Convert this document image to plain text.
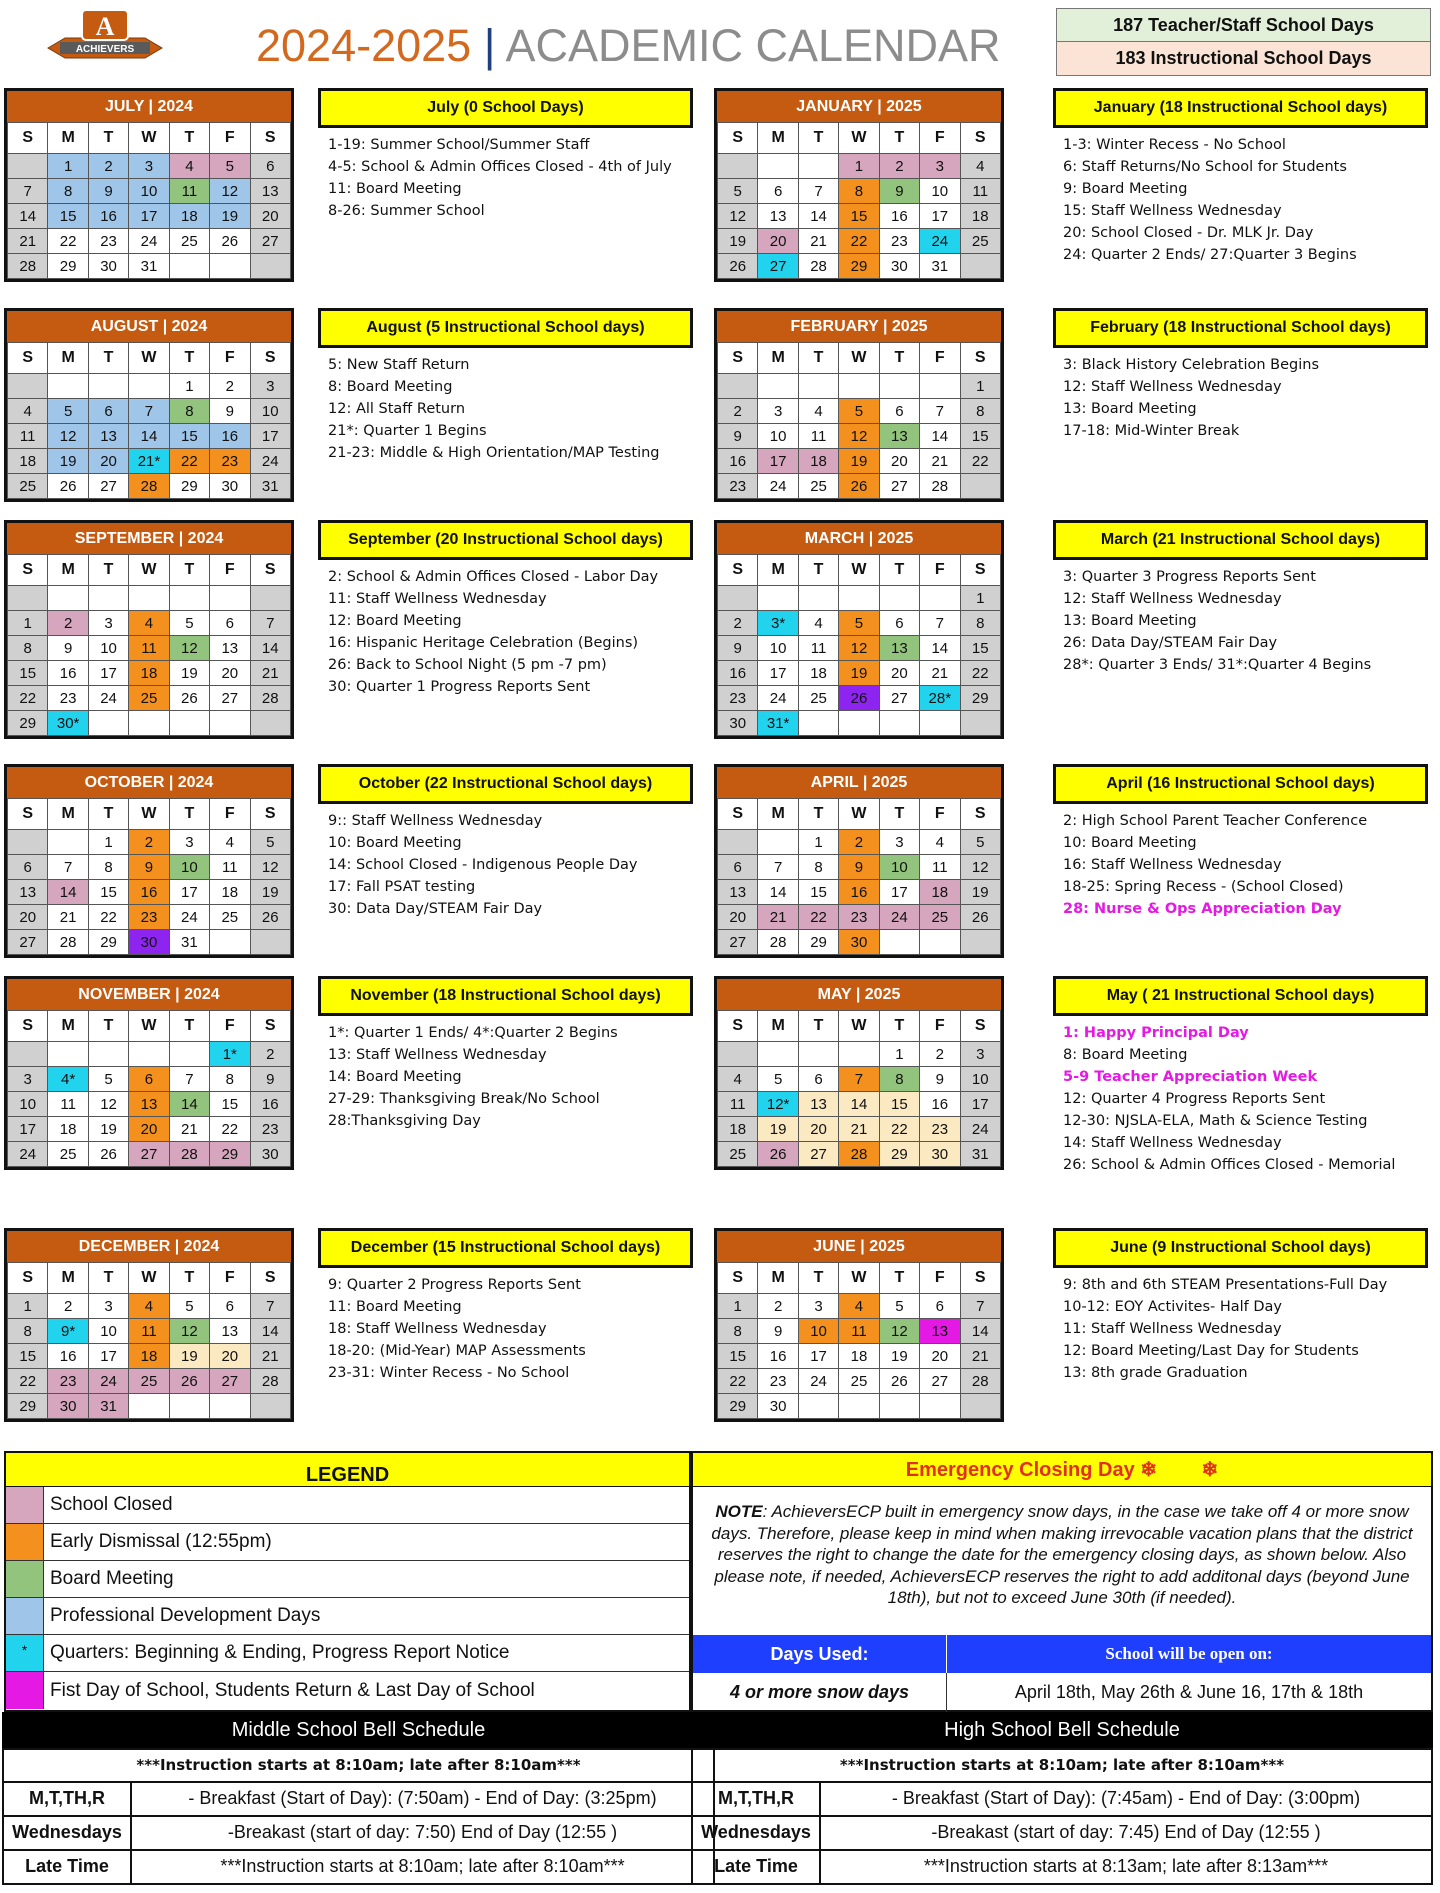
A
ACHIEVERS	2024-2025 | ACADEMIC CALENDAR	187 Teacher/Staff School Days
183 Instructional School Days
JULY | 2024
S	M	T	W	T	F	S
	1	2	3	4	5	6
7	8	9	10	11	12	13
14	15	16	17	18	19	20
21	22	23	24	25	26	27
28	29	30	31			
July (0 School Days)
1-19: Summer School/Summer Staff
4-5: School & Admin Offices Closed - 4th of July
11: Board Meeting
8-26: Summer School
JANUARY | 2025
S	M	T	W	T	F	S
			1	2	3	4
5	6	7	8	9	10	11
12	13	14	15	16	17	18
19	20	21	22	23	24	25
26	27	28	29	30	31	
January (18 Instructional School days)
1-3: Winter Recess - No School
6: Staff Returns/No School for Students
9: Board Meeting
15: Staff Wellness Wednesday
20: School Closed - Dr. MLK Jr. Day
24: Quarter 2 Ends/ 27:Quarter 3 Begins
AUGUST | 2024
S	M	T	W	T	F	S
				1	2	3
4	5	6	7	8	9	10
11	12	13	14	15	16	17
18	19	20	21*	22	23	24
25	26	27	28	29	30	31
August (5 Instructional School days)
5: New Staff Return
8: Board Meeting
12: All Staff Return
21*: Quarter 1 Begins
21-23: Middle & High Orientation/MAP Testing
FEBRUARY | 2025
S	M	T	W	T	F	S
						1
2	3	4	5	6	7	8
9	10	11	12	13	14	15
16	17	18	19	20	21	22
23	24	25	26	27	28	
February (18 Instructional School days)
3: Black History Celebration Begins
12: Staff Wellness Wednesday
13: Board Meeting
17-18: Mid-Winter Break
SEPTEMBER | 2024
S	M	T	W	T	F	S

1	2	3	4	5	6	7
8	9	10	11	12	13	14
15	16	17	18	19	20	21
22	23	24	25	26	27	28
29	30*					
September (20 Instructional School days)
2: School & Admin Offices Closed - Labor Day
11: Staff Wellness Wednesday
12: Board Meeting
16: Hispanic Heritage Celebration (Begins)
26: Back to School Night (5 pm -7 pm)
30: Quarter 1 Progress Reports Sent
MARCH | 2025
S	M	T	W	T	F	S
						1
2	3*	4	5	6	7	8
9	10	11	12	13	14	15
16	17	18	19	20	21	22
23	24	25	26	27	28*	29
30	31*					
March (21 Instructional School days)
3: Quarter 3 Progress Reports Sent
12: Staff Wellness Wednesday
13: Board Meeting
26: Data Day/STEAM Fair Day
28*: Quarter 3 Ends/ 31*:Quarter 4 Begins
OCTOBER | 2024
S	M	T	W	T	F	S
		1	2	3	4	5
6	7	8	9	10	11	12
13	14	15	16	17	18	19
20	21	22	23	24	25	26
27	28	29	30	31		
October (22 Instructional School days)
9:: Staff Wellness Wednesday
10: Board Meeting
14: School Closed - Indigenous People Day
17: Fall PSAT testing
30: Data Day/STEAM Fair Day
APRIL | 2025
S	M	T	W	T	F	S
		1	2	3	4	5
6	7	8	9	10	11	12
13	14	15	16	17	18	19
20	21	22	23	24	25	26
27	28	29	30			
April (16 Instructional School days)
2: High School Parent Teacher Conference
10: Board Meeting
16: Staff Wellness Wednesday
18-25: Spring Recess - (School Closed)
28: Nurse & Ops Appreciation Day
NOVEMBER | 2024
S	M	T	W	T	F	S
					1*	2
3	4*	5	6	7	8	9
10	11	12	13	14	15	16
17	18	19	20	21	22	23
24	25	26	27	28	29	30
November (18 Instructional School days)
1*: Quarter 1 Ends/ 4*:Quarter 2 Begins
13: Staff Wellness Wednesday
14: Board Meeting
27-29: Thanksgiving Break/No School
28:Thanksgiving Day
MAY | 2025
S	M	T	W	T	F	S
				1	2	3
4	5	6	7	8	9	10
11	12*	13	14	15	16	17
18	19	20	21	22	23	24
25	26	27	28	29	30	31
May ( 21 Instructional School days)
1: Happy Principal Day
8: Board Meeting
5-9 Teacher Appreciation Week
12: Quarter 4 Progress Reports Sent
12-30: NJSLA-ELA, Math & Science Testing
14: Staff Wellness Wednesday
26: School & Admin Offices Closed - Memorial
DECEMBER | 2024
S	M	T	W	T	F	S
1	2	3	4	5	6	7
8	9*	10	11	12	13	14
15	16	17	18	19	20	21
22	23	24	25	26	27	28
29	30	31				
December (15 Instructional School days)
9: Quarter 2 Progress Reports Sent
11: Board Meeting
18: Staff Wellness Wednesday
18-20: (Mid-Year) MAP Assessments
23-31: Winter Recess - No School
JUNE | 2025
S	M	T	W	T	F	S
1	2	3	4	5	6	7
8	9	10	11	12	13	14
15	16	17	18	19	20	21
22	23	24	25	26	27	28
29	30					
June (9 Instructional School days)
9: 8th and 6th STEAM Presentations-Full Day
10-12: EOY Activites- Half Day
11: Staff Wellness Wednesday
12: Board Meeting/Last Day for Students
13: 8th grade Graduation
LEGEND
School Closed
Early Dismissal (12:55pm)
Board Meeting
Professional Development Days
*	Quarters: Beginning & Ending, Progress Report Notice
Fist Day of School, Students Return & Last Day of School
Emergency Closing Day ❄ ❄
NOTE: AchieversECP built in emergency snow days, in the case we take off 4 or more snow days. Therefore, please keep in mind when making irrevocable vacation plans that the district reserves the right to change the date for the emergency closing days, as shown below. Also please note, if needed, AchieversECP reserves the right to add additonal days (beyond June 18th), but not to exceed June 30th (if needed).
Days Used:	School will be open on:
4 or more snow days	April 18th, May 26th & June 16, 17th & 18th
Middle School Bell Schedule
***Instruction starts at 8:10am; late after 8:10am***
M,T,TH,R	- Breakfast (Start of Day): (7:50am) - End of Day: (3:25pm)
Wednesdays	-Breakast (start of day: 7:50) End of Day (12:55 )
Late Time	***Instruction starts at 8:10am; late after 8:10am***
High School Bell Schedule
***Instruction starts at 8:10am; late after 8:10am***
M,T,TH,R	- Breakfast (Start of Day): (7:45am) - End of Day: (3:00pm)
Wednesdays	-Breakast (start of day: 7:45) End of Day (12:55 )
Late Time	***Instruction starts at 8:13am; late after 8:13am***
